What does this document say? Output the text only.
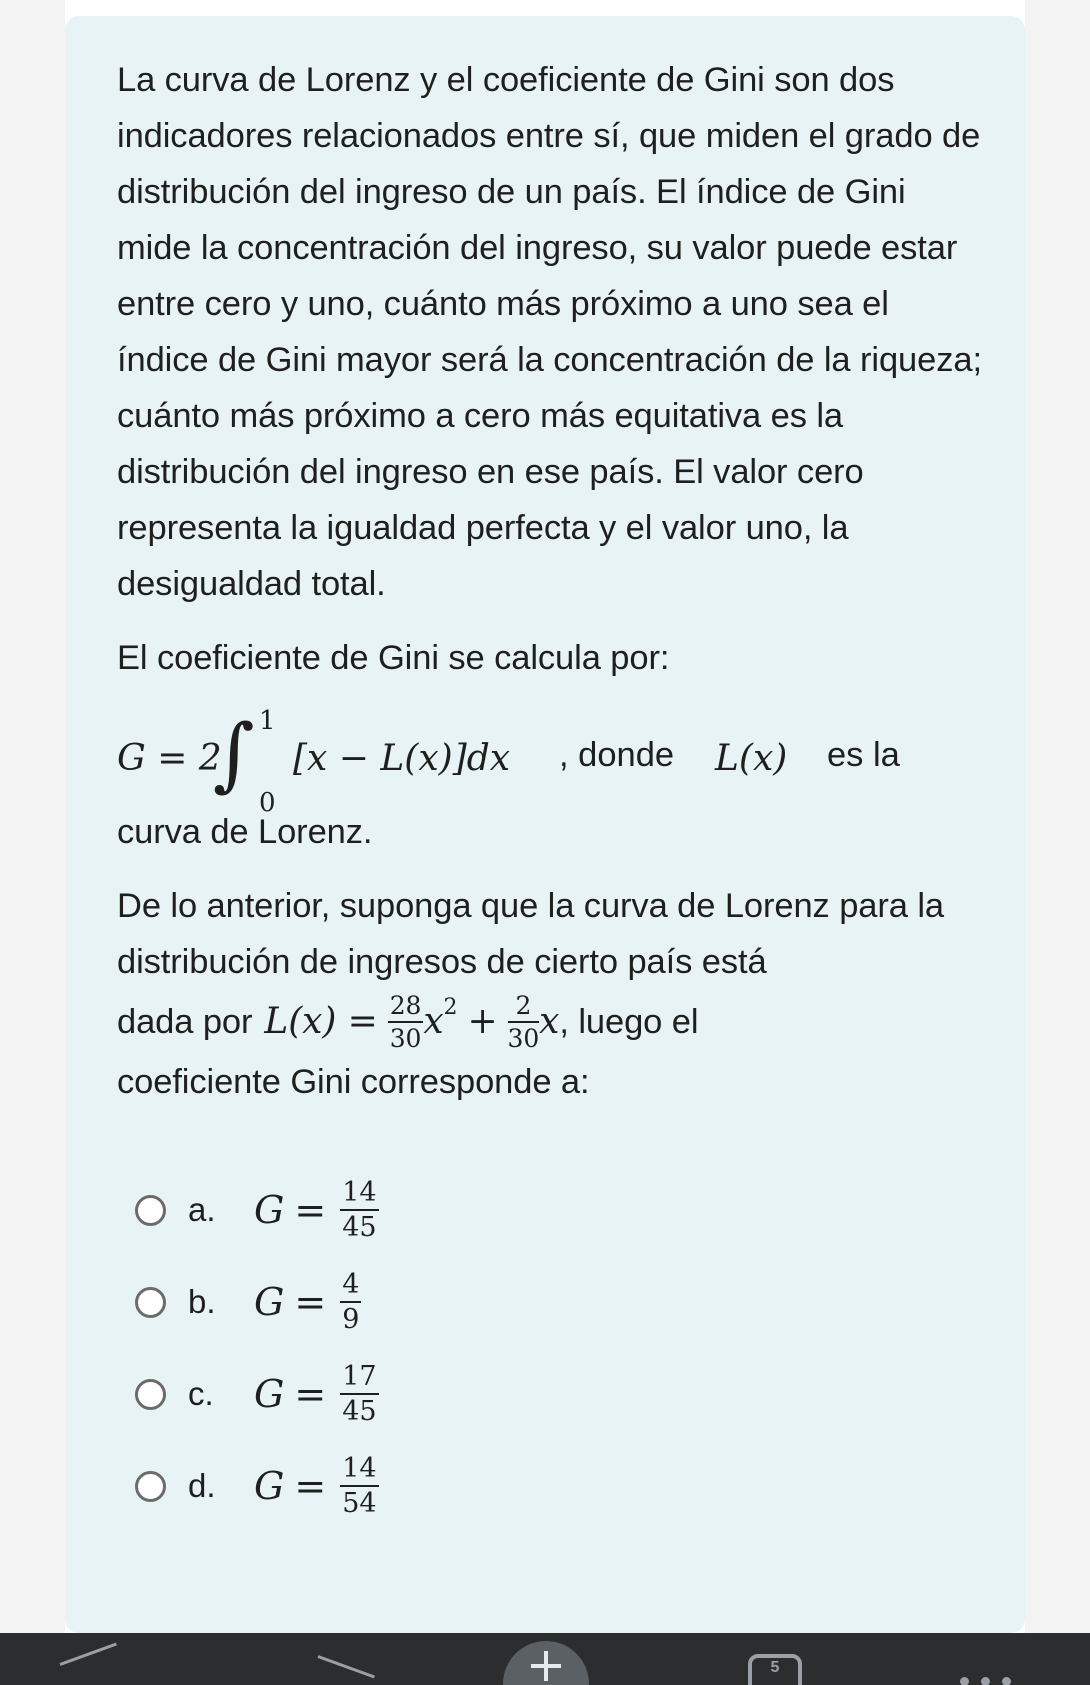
La curva de Lorenz y el coeficiente de Gini son dos indicadores relacionados entre sí, que miden el grado de distribución del ingreso de un país. El índice de Gini mide la concentración del ingreso, su valor puede estar entre cero y uno, cuánto más próximo a uno sea el índice de Gini mayor será la concentración de la riqueza; cuánto más próximo a cero más equitativa es la distribución del ingreso en ese país. El valor cero representa la igualdad perfecta y el valor uno, la desigualdad total.

El coeficiente de Gini se calcula por:

G = 2
∫ 1
0
[x − L(x)]dx , donde L(x) es la

curva de Lorenz.

De lo anterior, suponga que la curva de Lorenz para la distribución de ingresos de cierto país está

dada por $L(x) = \frac{28}{30} x^2 + \frac{2}{30}$ x , luego el

coeficiente Gini corresponde a:

a.	$G = \frac{14}{45}$
b.	$G = \frac{4}{9}$
c.	$G = \frac{17}{45}$
d.	$G = \frac{14}{54}$
5
